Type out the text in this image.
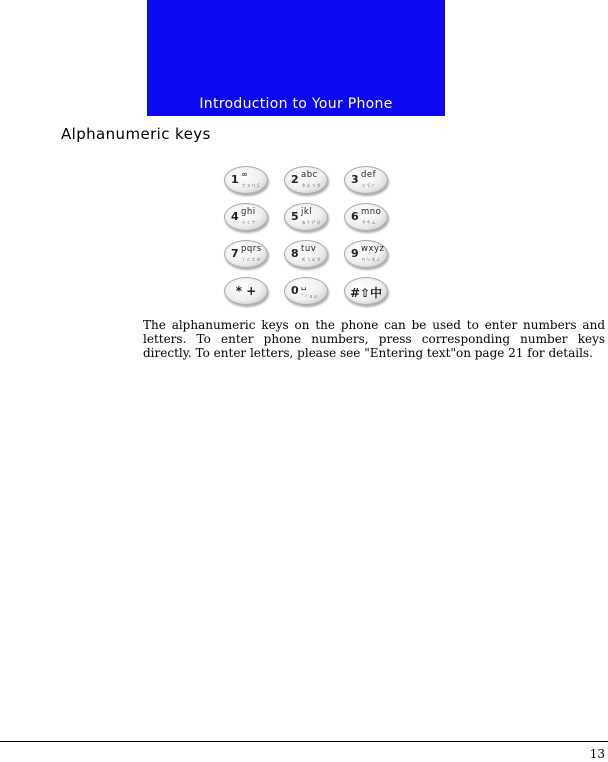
Introduction to Your Phone
Alphanumeric keys
1 ∞
ㄅㄆㄇㄈ	2 abc
ㄉㄊㄋㄌ	3 def
ㄍㄎㄏ
4 ghi
ㄐㄑㄒ	5 jkl
ㄓㄔㄕㄖ	6 mno
ㄗㄘㄙ
7 pqrs
ㄚㄛㄜㄝ	8 tuv
ㄞㄟㄠㄡ	9 wxyz
ㄢㄣㄤㄥ
* +	0 ␣
ˉㄧㄨㄩ	#⇧中

The alphanumeric keys on the phone can be used to enter numbers and letters. To enter phone numbers, press corresponding number keys directly. To enter letters, please see "Entering text"on page 21 for details.

13
